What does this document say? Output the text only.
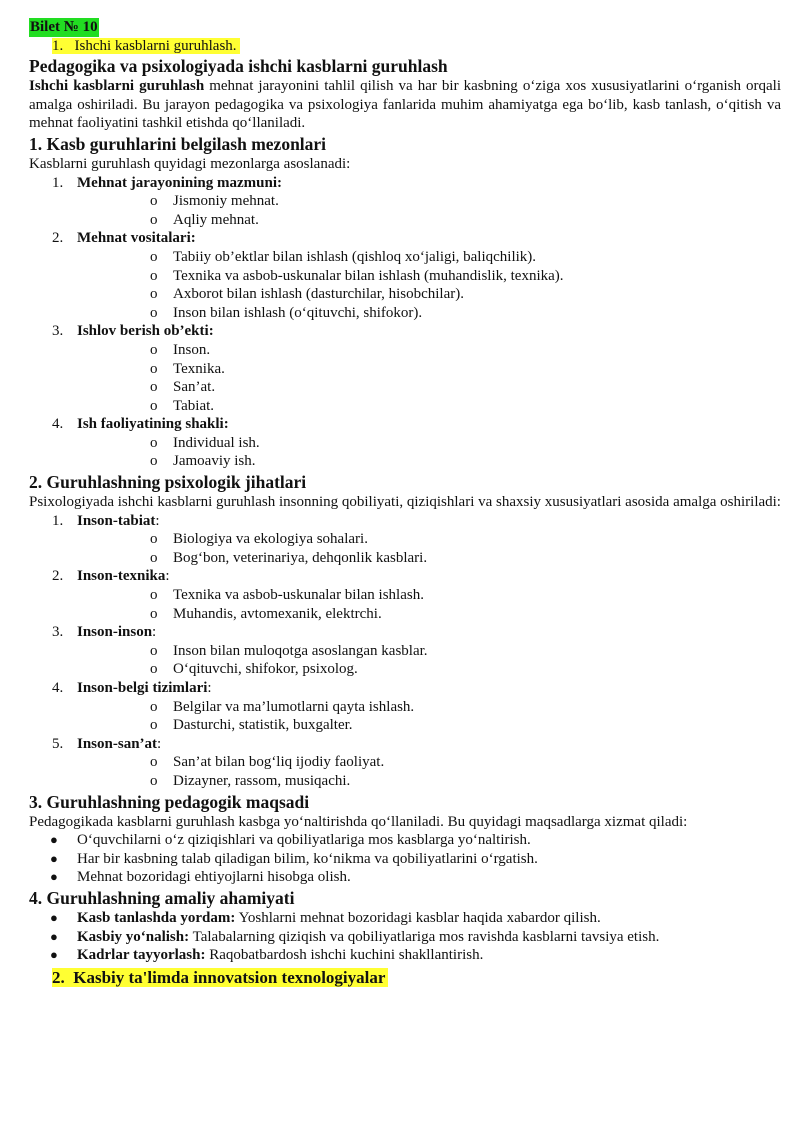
Bilet № 10
1. Ishchi kasblarni guruhlash.
Pedagogika va psixologiyada ishchi kasblarni guruhlash

Ishchi kasblarni guruhlash mehnat jarayonini tahlil qilish va har bir kasbning o‘ziga xos xususiyatlarini o‘rganish orqali amalga oshiriladi. Bu jarayon pedagogika va psixologiya fanlarida muhim ahamiyatga ega bo‘lib, kasb tanlash, o‘qitish va mehnat faoliyatini tashkil etishda qo‘llaniladi.

1. Kasb guruhlarini belgilash mezonlari

Kasblarni guruhlash quyidagi mezonlarga asoslanadi:

1. Mehnat jarayonining mazmuni:
o Jismoniy mehnat.
o Aqliy mehnat.
2. Mehnat vositalari:
o Tabiiy ob’ektlar bilan ishlash (qishloq xo‘jaligi, baliqchilik).
o Texnika va asbob-uskunalar bilan ishlash (muhandislik, texnika).
o Axborot bilan ishlash (dasturchilar, hisobchilar).
o Inson bilan ishlash (o‘qituvchi, shifokor).
3. Ishlov berish ob’ekti:
o Inson.
o Texnika.
o San’at.
o Tabiat.
4. Ish faoliyatining shakli:
o Individual ish.
o Jamoaviy ish.
2. Guruhlashning psixologik jihatlari

Psixologiyada ishchi kasblarni guruhlash insonning qobiliyati, qiziqishlari va shaxsiy xususiyatlari asosida amalga oshiriladi:

1. Inson-tabiat:
o Biologiya va ekologiya sohalari.
o Bog‘bon, veterinariya, dehqonlik kasblari.
2. Inson-texnika:
o Texnika va asbob-uskunalar bilan ishlash.
o Muhandis, avtomexanik, elektrchi.
3. Inson-inson:
o Inson bilan muloqotga asoslangan kasblar.
o O‘qituvchi, shifokor, psixolog.
4. Inson-belgi tizimlari:
o Belgilar va ma’lumotlarni qayta ishlash.
o Dasturchi, statistik, buxgalter.
5. Inson-san’at:
o San’at bilan bog‘liq ijodiy faoliyat.
o Dizayner, rassom, musiqachi.
3. Guruhlashning pedagogik maqsadi

Pedagogikada kasblarni guruhlash kasbga yo‘naltirishda qo‘llaniladi. Bu quyidagi maqsadlarga xizmat qiladi:

● O‘quvchilarni o‘z qiziqishlari va qobiliyatlariga mos kasblarga yo‘naltirish.
● Har bir kasbning talab qiladigan bilim, ko‘nikma va qobiliyatlarini o‘rgatish.
● Mehnat bozoridagi ehtiyojlarni hisobga olish.
4. Guruhlashning amaliy ahamiyati
● Kasb tanlashda yordam: Yoshlarni mehnat bozoridagi kasblar haqida xabardor qilish.
● Kasbiy yo‘nalish: Talabalarning qiziqish va qobiliyatlariga mos ravishda kasblarni tavsiya etish.
● Kadrlar tayyorlash: Raqobatbardosh ishchi kuchini shakllantirish.
2. Kasbiy ta'limda innovatsion texnologiyalar
